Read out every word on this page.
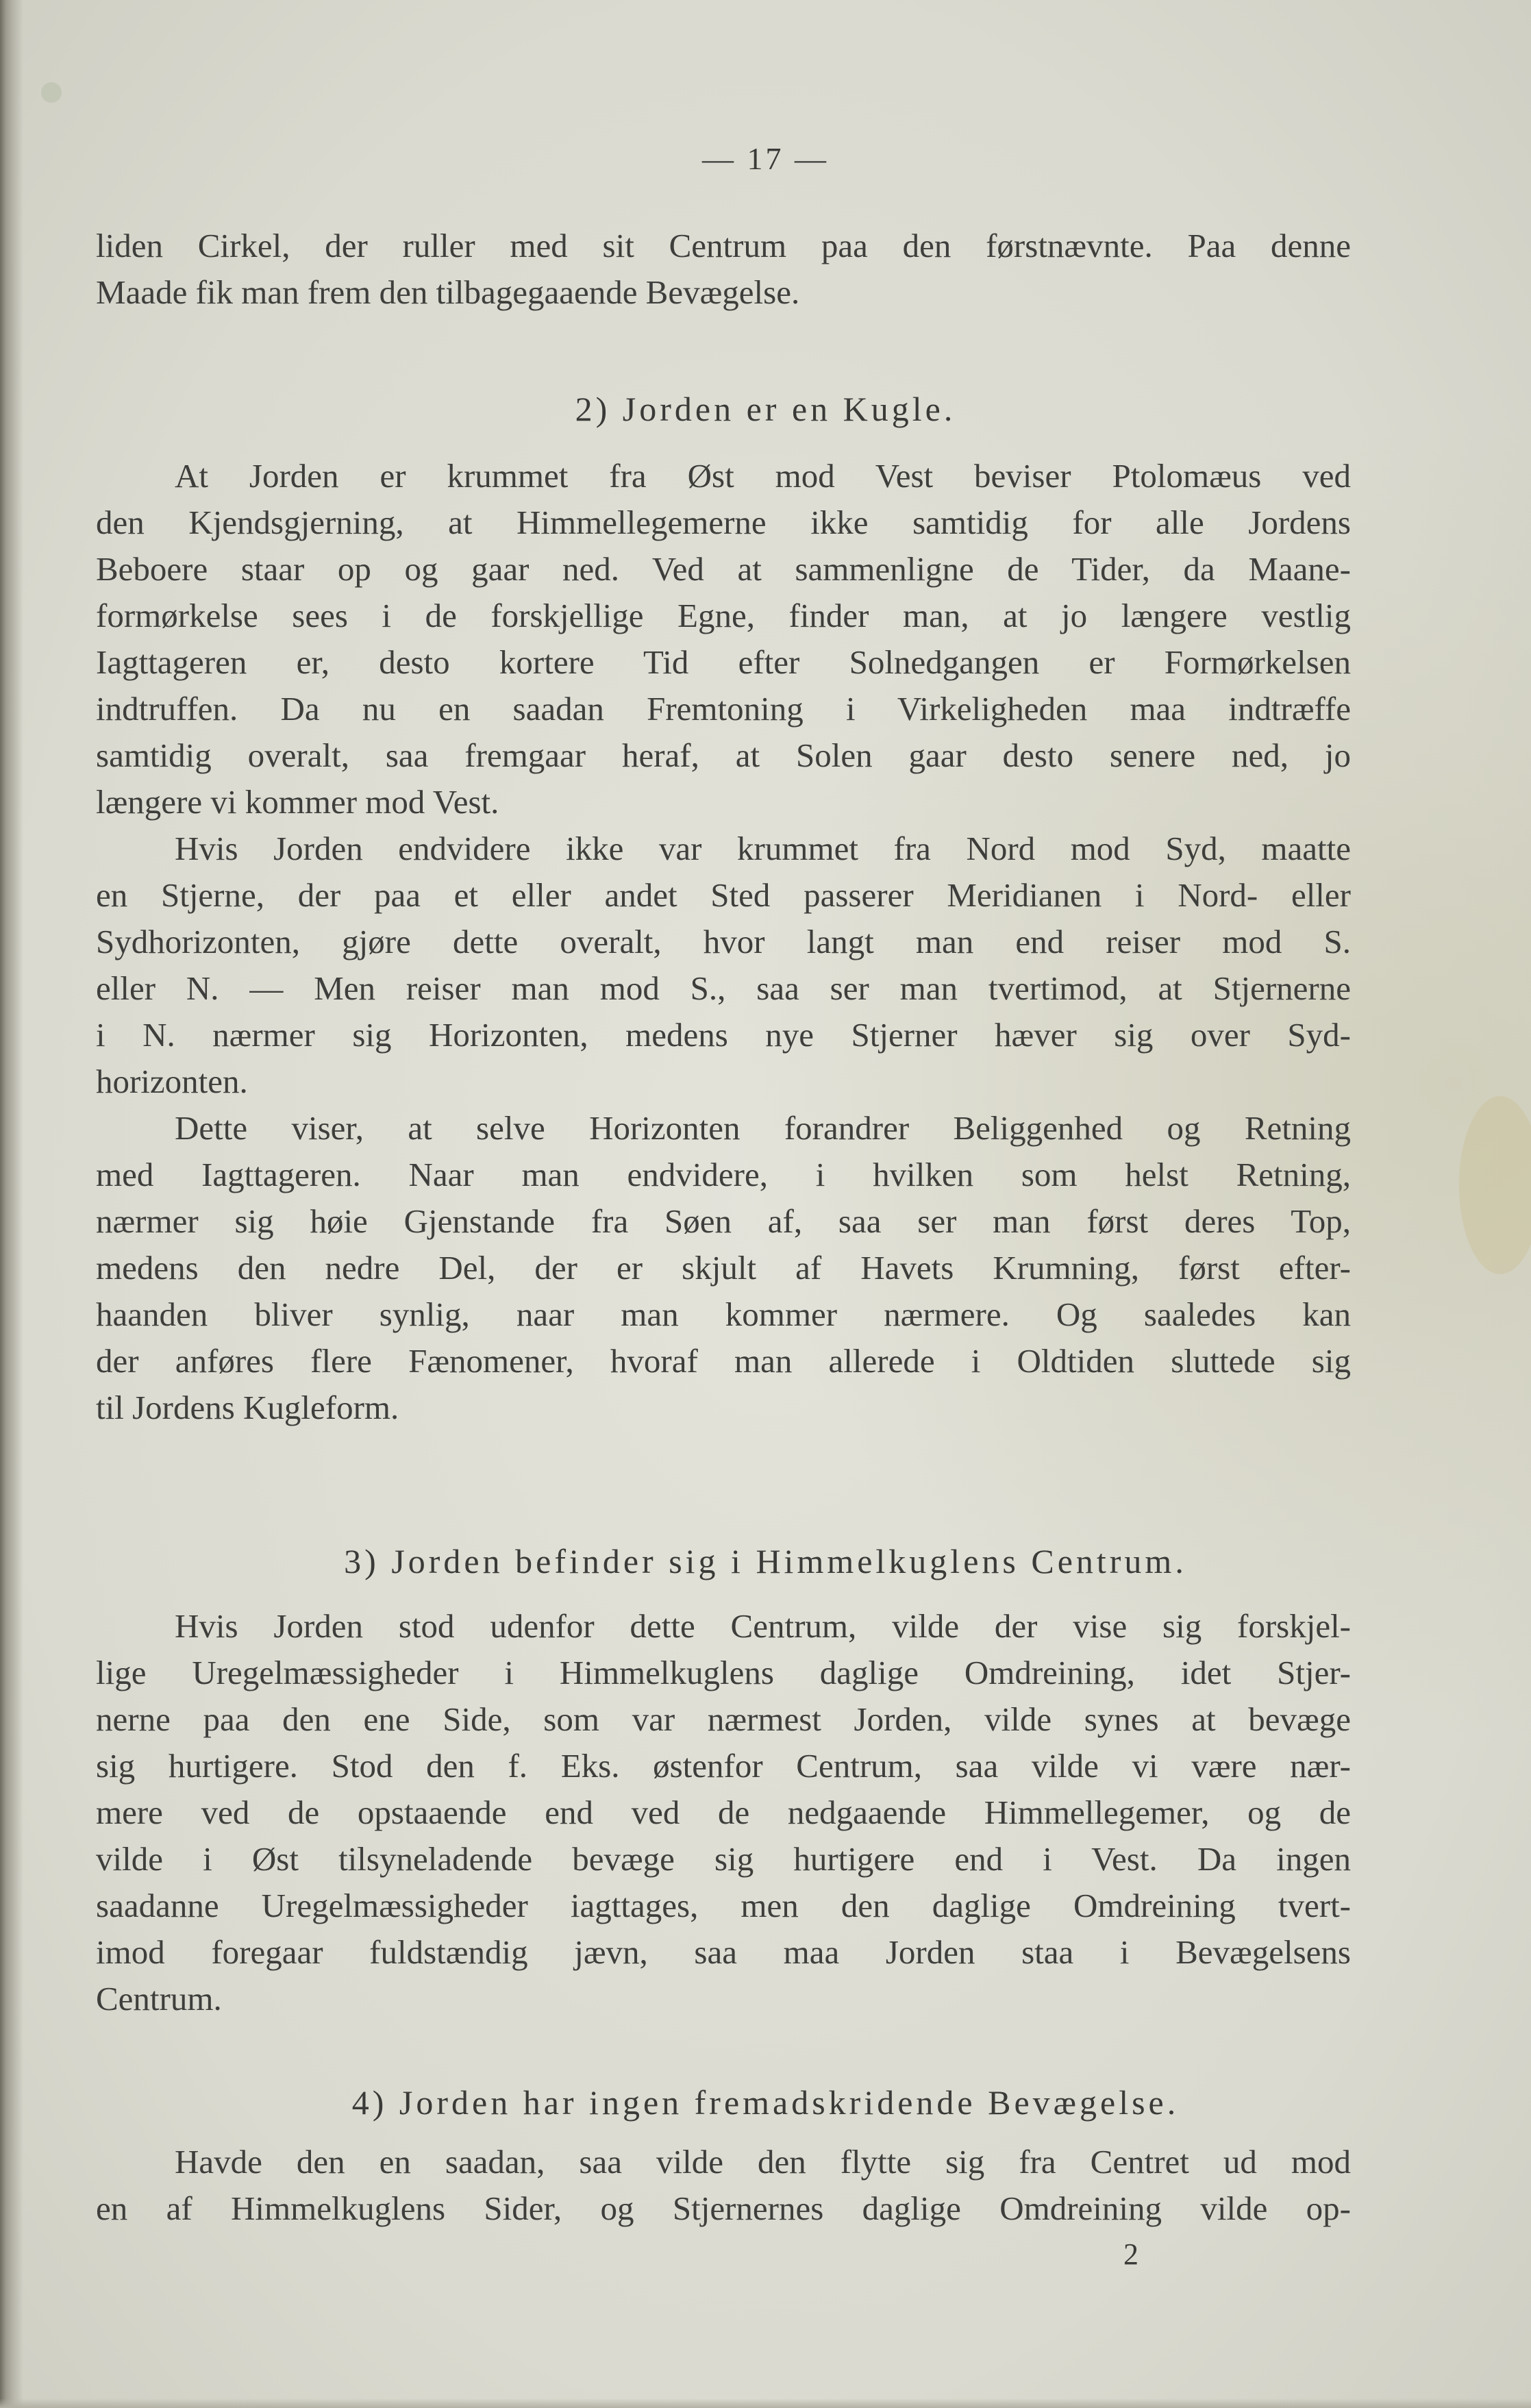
— 17 —
liden Cirkel, der ruller med sit Centrum paa den førstnævnte. Paa denne
Maade fik man frem den tilbagegaaende Bevægelse.
2) Jorden er en Kugle.
At Jorden er krummet fra Øst mod Vest beviser Ptolomæus ved
den Kjendsgjerning, at Himmellegemerne ikke samtidig for alle Jordens
Beboere staar op og gaar ned. Ved at sammenligne de Tider, da Maane-
formørkelse sees i de forskjellige Egne, finder man, at jo længere vestlig
Iagttageren er, desto kortere Tid efter Solnedgangen er Formørkelsen
indtruffen. Da nu en saadan Fremtoning i Virkeligheden maa indtræffe
samtidig overalt, saa fremgaar heraf, at Solen gaar desto senere ned, jo
længere vi kommer mod Vest.
Hvis Jorden endvidere ikke var krummet fra Nord mod Syd, maatte
en Stjerne, der paa et eller andet Sted passerer Meridianen i Nord- eller
Sydhorizonten, gjøre dette overalt, hvor langt man end reiser mod S.
eller N. — Men reiser man mod S., saa ser man tvertimod, at Stjernerne
i N. nærmer sig Horizonten, medens nye Stjerner hæver sig over Syd-
horizonten.
Dette viser, at selve Horizonten forandrer Beliggenhed og Retning
med Iagttageren. Naar man endvidere, i hvilken som helst Retning,
nærmer sig høie Gjenstande fra Søen af, saa ser man først deres Top,
medens den nedre Del, der er skjult af Havets Krumning, først efter-
haanden bliver synlig, naar man kommer nærmere. Og saaledes kan
der anføres flere Fænomener, hvoraf man allerede i Oldtiden sluttede sig
til Jordens Kugleform.
3) Jorden befinder sig i Himmelkuglens Centrum.
Hvis Jorden stod udenfor dette Centrum, vilde der vise sig forskjel-
lige Uregelmæssigheder i Himmelkuglens daglige Omdreining, idet Stjer-
nerne paa den ene Side, som var nærmest Jorden, vilde synes at bevæge
sig hurtigere. Stod den f. Eks. østenfor Centrum, saa vilde vi være nær-
mere ved de opstaaende end ved de nedgaaende Himmellegemer, og de
vilde i Øst tilsyneladende bevæge sig hurtigere end i Vest. Da ingen
saadanne Uregelmæssigheder iagttages, men den daglige Omdreining tvert-
imod foregaar fuldstændig jævn, saa maa Jorden staa i Bevægelsens
Centrum.
4) Jorden har ingen fremadskridende Bevægelse.
Havde den en saadan, saa vilde den flytte sig fra Centret ud mod
en af Himmelkuglens Sider, og Stjernernes daglige Omdreining vilde op-
2
